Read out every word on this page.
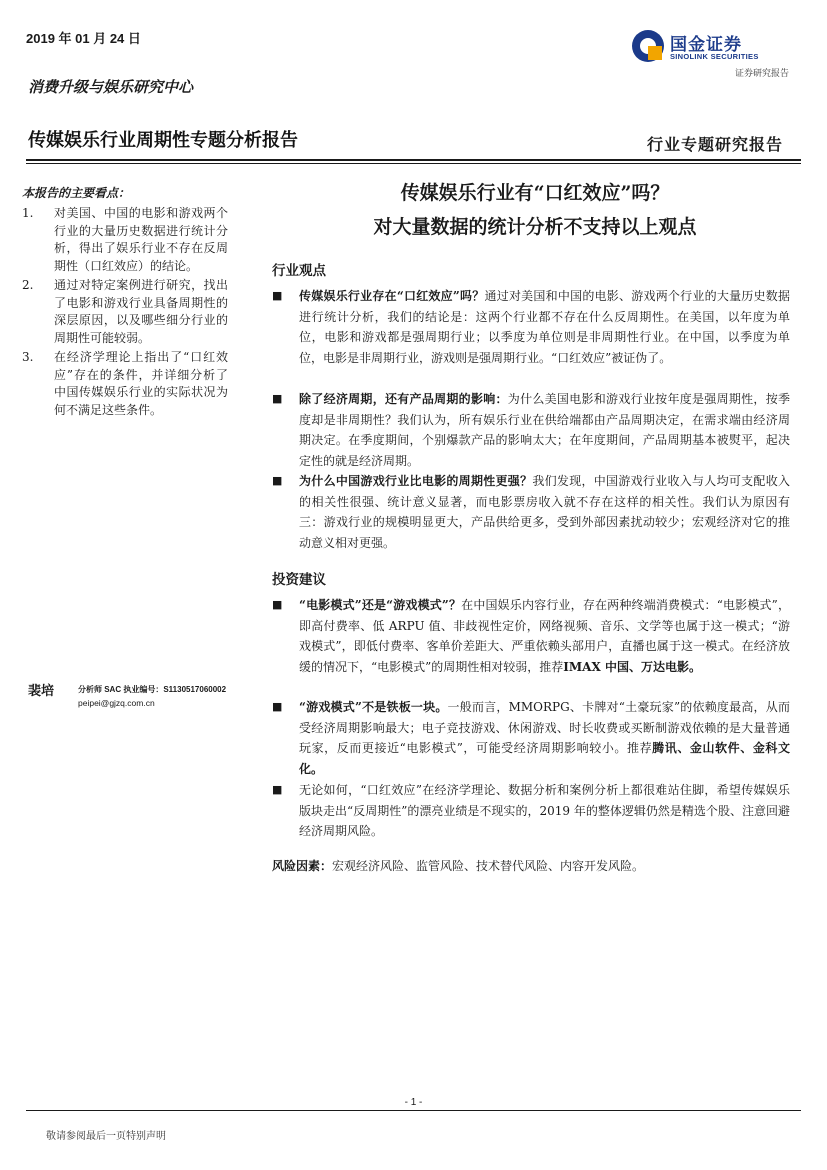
2019 年 01 月 24 日
消费升级与娱乐研究中心
传媒娱乐行业周期性专题分析报告	行业专题研究报告
国金证券
SINOLINK SECURITIES
证券研究报告
本报告的主要看点：
1.	对美国、中国的电影和游戏两个行业的大量历史数据进行统计分析，得出了娱乐行业不存在反周期性（口红效应）的结论。
2.	通过对特定案例进行研究，找出了电影和游戏行业具备周期性的深层原因，以及哪些细分行业的周期性可能较弱。
3.	在经济学理论上指出了“口红效应”存在的条件，并详细分析了中国传媒娱乐行业的实际状况为何不满足这些条件。
裴培	分析师 SAC 执业编号：S1130517060002
peipei@gjzq.com.cn
传媒娱乐行业有“口红效应”吗？
对大量数据的统计分析不支持以上观点
行业观点
■	传媒娱乐行业存在“口红效应”吗？通过对美国和中国的电影、游戏两个行业的大量历史数据进行统计分析，我们的结论是：这两个行业都不存在什么反周期性。在美国，以年度为单位，电影和游戏都是强周期行业；以季度为单位则是非周期性行业。在中国，以季度为单位，电影是非周期行业，游戏则是强周期行业。“口红效应”被证伪了。
■	除了经济周期，还有产品周期的影响：为什么美国电影和游戏行业按年度是强周期性，按季度却是非周期性？我们认为，所有娱乐行业在供给端都由产品周期决定，在需求端由经济周期决定。在季度期间，个别爆款产品的影响太大；在年度期间，产品周期基本被熨平，起决定性的就是经济周期。
■	为什么中国游戏行业比电影的周期性更强？我们发现，中国游戏行业收入与人均可支配收入的相关性很强、统计意义显著，而电影票房收入就不存在这样的相关性。我们认为原因有三：游戏行业的规模明显更大，产品供给更多，受到外部因素扰动较少；宏观经济对它的推动意义相对更强。
投资建议
■	“电影模式”还是“游戏模式”？在中国娱乐内容行业，存在两种终端消费模式：“电影模式”，即高付费率、低 ARPU 值、非歧视性定价，网络视频、音乐、文学等也属于这一模式；“游戏模式”，即低付费率、客单价差距大、严重依赖头部用户，直播也属于这一模式。在经济放缓的情况下，“电影模式”的周期性相对较弱，推荐IMAX 中国、万达电影。
■	“游戏模式”不是铁板一块。一般而言，MMORPG、卡牌对“土豪玩家”的依赖度最高，从而受经济周期影响最大；电子竞技游戏、休闲游戏、时长收费或买断制游戏依赖的是大量普通玩家，反而更接近“电影模式”，可能受经济周期影响较小。推荐腾讯、金山软件、金科文化。
■	无论如何，“口红效应”在经济学理论、数据分析和案例分析上都很难站住脚，希望传媒娱乐版块走出“反周期性”的漂亮业绩是不现实的，2019 年的整体逻辑仍然是精选个股、注意回避经济周期风险。
风险因素：宏观经济风险、监管风险、技术替代风险、内容开发风险。
- 1 -
敬请参阅最后一页特别声明
